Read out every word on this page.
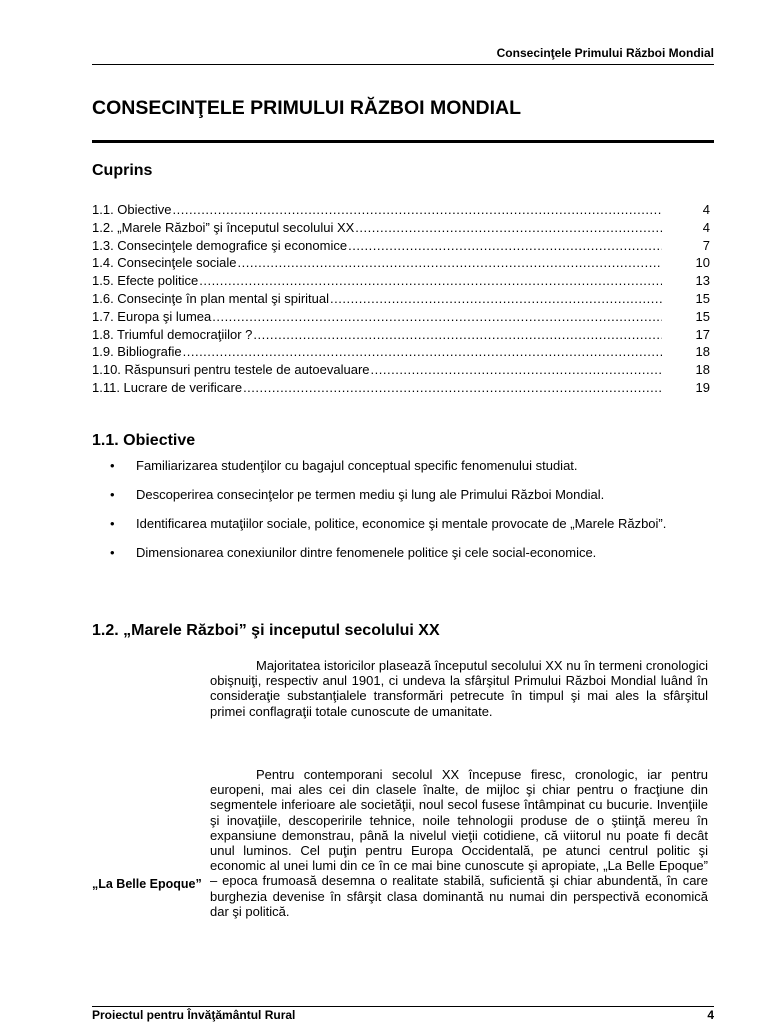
Consecinţele Primului Război Mondial
CONSECINŢELE PRIMULUI RĂZBOI MONDIAL
Cuprins
1.1. Obiective .....	4
1.2. „Marele Război” şi începutul secolului XX .....	4
1.3. Consecinţele demografice şi economice .....	7
1.4. Consecinţele sociale .....	10
1.5. Efecte politice .....	13
1.6. Consecinţe în plan mental şi spiritual .....	15
1.7. Europa şi lumea .....	15
1.8. Triumful democraţiilor ? .....	17
1.9. Bibliografie .....	18
1.10. Răspunsuri pentru testele de autoevaluare .....	18
1.11. Lucrare de verificare .....	19
1.1. Obiective
• Familiarizarea studenţilor cu bagajul conceptual specific fenomenului studiat.
• Descoperirea consecinţelor pe termen mediu şi lung ale Primului Război Mondial.
• Identificarea mutaţiilor sociale, politice, economice şi mentale provocate de „Marele Război”.
• Dimensionarea conexiunilor dintre fenomenele politice şi cele social-economice.
1.2. „Marele Război” şi inceputul secolului XX

Majoritatea istoricilor plasează începutul secolului XX nu în termeni cronologici obişnuiţi, respectiv anul 1901, ci undeva la sfârşitul Primului Război Mondial luând în consideraţie substanţialele transformări petrecute în timpul şi mai ales la sfârşitul primei conflagraţii totale cunoscute de umanitate.

„La Belle Epoque”

Pentru contemporani secolul XX începuse firesc, cronologic, iar pentru europeni, mai ales cei din clasele înalte, de mijloc şi chiar pentru o fracţiune din segmentele inferioare ale societăţii, noul secol fusese întâmpinat cu bucurie. Invenţiile şi inovaţiile, descoperirile tehnice, noile tehnologii produse de o ştiinţă mereu în expansiune demonstrau, până la nivelul vieţii cotidiene, că viitorul nu poate fi decât unul luminos. Cel puţin pentru Europa Occidentală, pe atunci centrul politic şi economic al unei lumi din ce în ce mai bine cunoscute şi apropiate, „La Belle Epoque” – epoca frumoasă desemna o realitate stabilă, suficientă şi chiar abundentă, în care burghezia devenise în sfârşit clasa dominantă nu numai din perspectivă economică dar şi politică.

Proiectul pentru Învăţământul Rural	4
